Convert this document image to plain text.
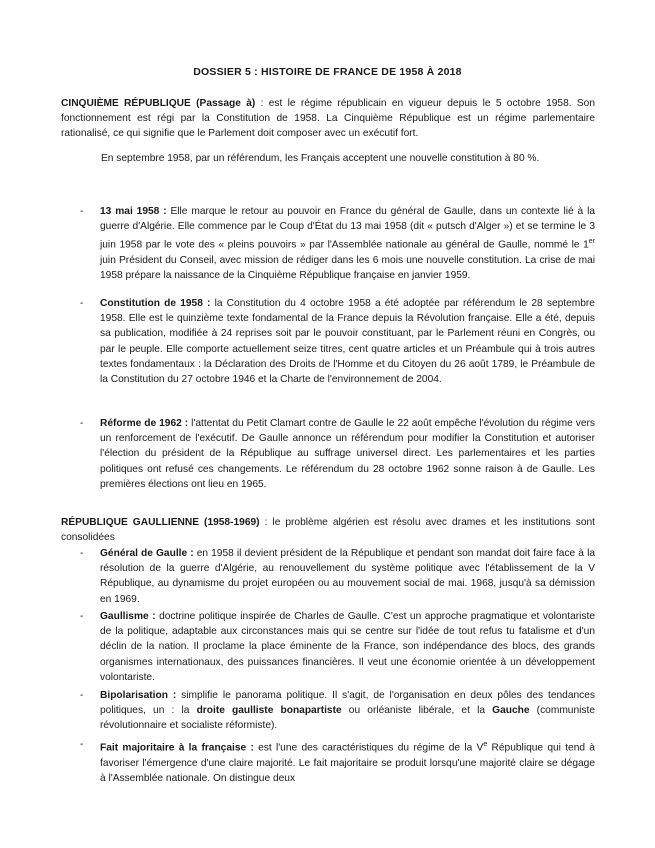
DOSSIER 5 : HISTOIRE DE FRANCE DE 1958 À 2018
CINQUIÈME RÉPUBLIQUE (Passage à) : est le régime républicain en vigueur depuis le 5 octobre 1958. Son fonctionnement est régi par la Constitution de 1958. La Cinquième République est un régime parlementaire rationalisé, ce qui signifie que le Parlement doit composer avec un exécutif fort.
En septembre 1958, par un référendum, les Français acceptent une nouvelle constitution à 80 %.
-	13 mai 1958 : Elle marque le retour au pouvoir en France du général de Gaulle, dans un contexte lié à la guerre d'Algérie. Elle commence par le Coup d'État du 13 mai 1958 (dit « putsch d'Alger ») et se termine le 3 juin 1958 par le vote des « pleins pouvoirs » par l'Assemblée nationale au général de Gaulle, nommé le 1er juin Président du Conseil, avec mission de rédiger dans les 6 mois une nouvelle constitution. La crise de mai 1958 prépare la naissance de la Cinquième République française en janvier 1959.
-	Constitution de 1958 : la Constitution du 4 octobre 1958 a été adoptée par référendum le 28 septembre 1958. Elle est le quinzième texte fondamental de la France depuis la Révolution française. Elle a été, depuis sa publication, modifiée à 24 reprises soit par le pouvoir constituant, par le Parlement réuni en Congrès, ou par le peuple. Elle comporte actuellement seize titres, cent quatre articles et un Préambule qui à trois autres textes fondamentaux : la Déclaration des Droits de l'Homme et du Citoyen du 26 août 1789, le Préambule de la Constitution du 27 octobre 1946 et la Charte de l'environnement de 2004.
-	Réforme de 1962 : l'attentat du Petit Clamart contre de Gaulle le 22 août empêche l'évolution du régime vers un renforcement de l'exécutif. De Gaulle annonce un référendum pour modifier la Constitution et autoriser l'élection du président de la République au suffrage universel direct. Les parlementaires et les parties politiques ont refusé ces changements. Le référendum du 28 octobre 1962 sonne raison à de Gaulle. Les premières élections ont lieu en 1965.
RÉPUBLIQUE GAULLIENNE (1958-1969) : le problème algérien est résolu avec drames et les institutions sont consolidées
-	Général de Gaulle : en 1958 il devient président de la République et pendant son mandat doit faire face à la résolution de la guerre d'Algérie, au renouvellement du système politique avec l'établissement de la V République, au dynamisme du projet européen ou au mouvement social de mai. 1968, jusqu'à sa démission en 1969.
-	Gaullisme : doctrine politique inspirée de Charles de Gaulle. C'est un approche pragmatique et volontariste de la politique, adaptable aux circonstances mais qui se centre sur l'idée de tout refus tu fatalisme et d'un déclin de la nation. Il proclame la place éminente de la France, son indépendance des blocs, des grands organismes internationaux, des puissances financières. Il veut une économie orientée à un développement volontariste.
-	Bipolarisation : simplifie le panorama politique. Il s'agit, de l'organisation en deux pôles des tendances politiques, un : la droite gaulliste bonapartiste ou orléaniste libérale, et la Gauche (communiste révolutionnaire et socialiste réformiste).
-	Fait majoritaire à la française : est l'une des caractéristiques du régime de la Ve République qui tend à favoriser l'émergence d'une claire majorité. Le fait majoritaire se produit lorsqu'une majorité claire se dégage à l'Assemblée nationale. On distingue deux
